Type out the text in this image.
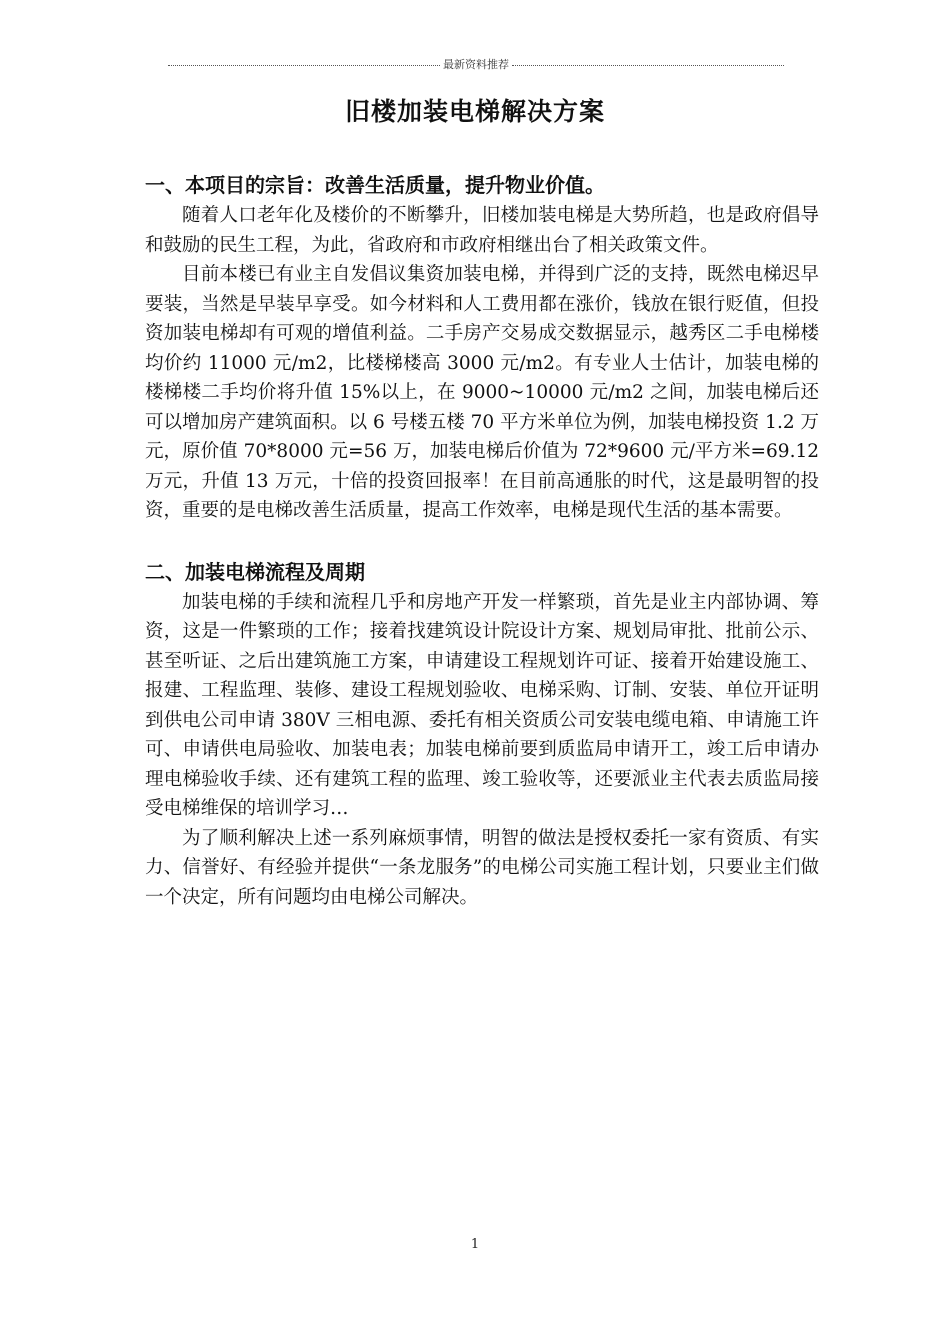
最新资料推荐
旧楼加装电梯解决方案
一、本项目的宗旨：改善生活质量，提升物业价值。

随着人口老年化及楼价的不断攀升，旧楼加装电梯是大势所趋，也是政府倡导和鼓励的民生工程，为此，省政府和市政府相继出台了相关政策文件。

目前本楼已有业主自发倡议集资加装电梯，并得到广泛的支持，既然电梯迟早要装，当然是早装早享受。如今材料和人工费用都在涨价，钱放在银行贬值，但投资加装电梯却有可观的增值利益。二手房产交易成交数据显示，越秀区二手电梯楼均价约 11000 元/m2，比楼梯楼高 3000 元/m2。有专业人士估计，加装电梯的楼梯楼二手均价将升值 15%以上，在 9000~10000 元/m2 之间，加装电梯后还可以增加房产建筑面积。以 6 号楼五楼 70 平方米单位为例，加装电梯投资 1.2 万元，原价值 70*8000 元=56 万，加装电梯后价值为 72*9600 元/平方米=69.12 万元，升值 13 万元，十倍的投资回报率！在目前高通胀的时代，这是最明智的投资，重要的是电梯改善生活质量，提高工作效率，电梯是现代生活的基本需要。

二、加装电梯流程及周期

加装电梯的手续和流程几乎和房地产开发一样繁琐，首先是业主内部协调、筹资，这是一件繁琐的工作；接着找建筑设计院设计方案、规划局审批、批前公示、甚至听证、之后出建筑施工方案，申请建设工程规划许可证、接着开始建设施工、报建、工程监理、装修、建设工程规划验收、电梯采购、订制、安装、单位开证明到供电公司申请 380V 三相电源、委托有相关资质公司安装电缆电箱、申请施工许可、申请供电局验收、加装电表；加装电梯前要到质监局申请开工，竣工后申请办理电梯验收手续、还有建筑工程的监理、竣工验收等，还要派业主代表去质监局接受电梯维保的培训学习…

为了顺利解决上述一系列麻烦事情，明智的做法是授权委托一家有资质、有实力、信誉好、有经验并提供“一条龙服务”的电梯公司实施工程计划，只要业主们做一个决定，所有问题均由电梯公司解决。

1
